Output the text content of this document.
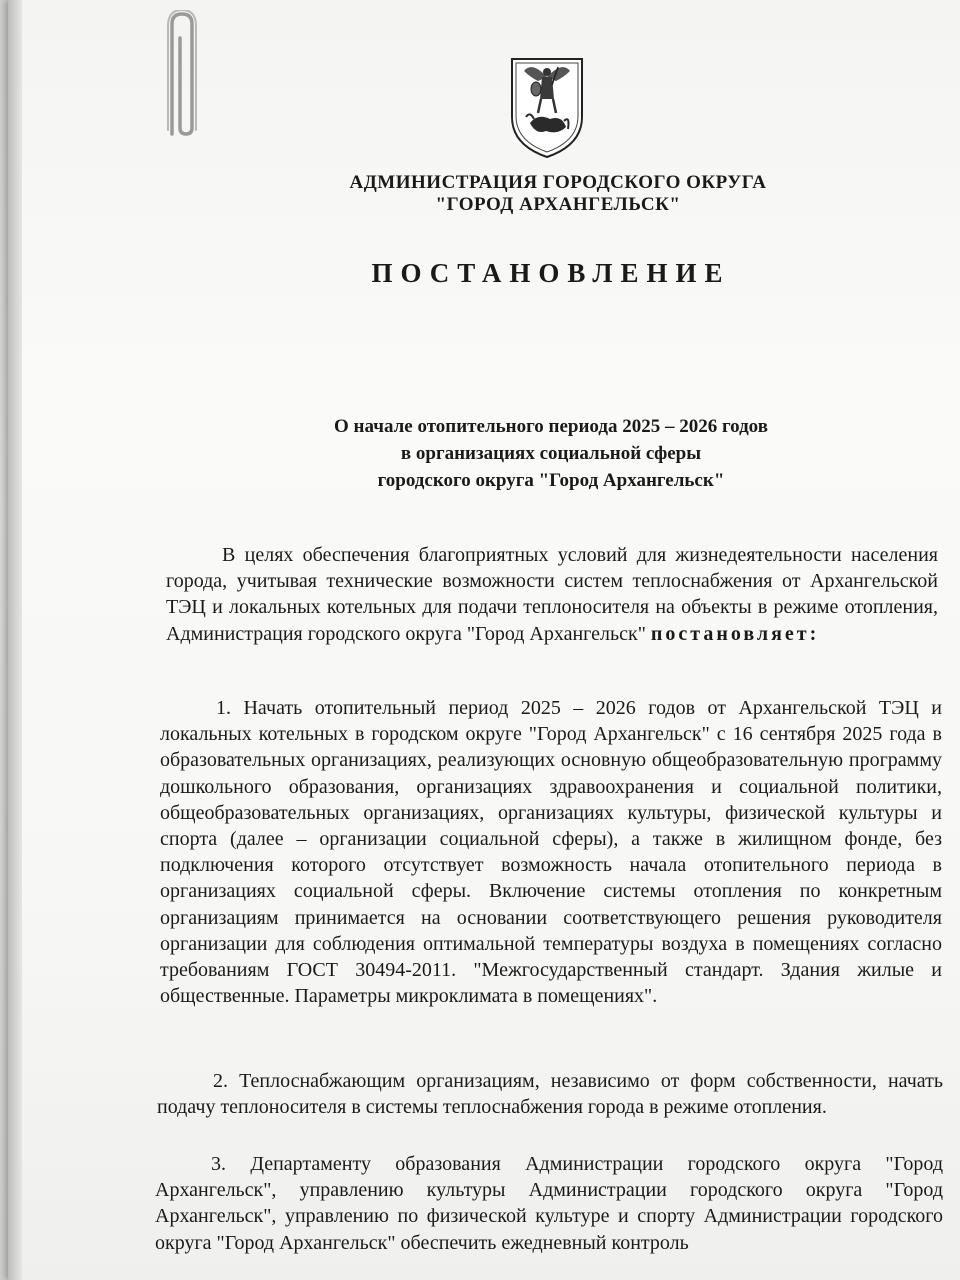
АДМИНИСТРАЦИЯ ГОРОДСКОГО ОКРУГА
"ГОРОД АРХАНГЕЛЬСК"
ПОСТАНОВЛЕНИЕ
О начале отопительного периода 2025 – 2026 годов
в организациях социальной сферы
городского округа "Город Архангельск"
В целях обеспечения благоприятных условий для жизнедеятельности населения города, учитывая технические возможности систем теплоснабжения от Архангельской ТЭЦ и локальных котельных для подачи теплоносителя на объекты в режиме отопления, Администрация городского округа "Город Архангельск" постановляет:
1. Начать отопительный период 2025 – 2026 годов от Архангельской ТЭЦ и локальных котельных в городском округе "Город Архангельск" с 16 сентября 2025 года в образовательных организациях, реализующих основную общеобразовательную программу дошкольного образования, организациях здравоохранения и социальной политики, общеобразовательных организациях, организациях культуры, физической культуры и спорта (далее – организации социальной сферы), а также в жилищном фонде, без подключения которого отсутствует возможность начала отопительного периода в организациях социальной сферы. Включение системы отопления по конкретным организациям принимается на основании соответствующего решения руководителя организации для соблюдения оптимальной температуры воздуха в помещениях согласно требованиям ГОСТ 30494-2011. "Межгосударственный стандарт. Здания жилые и общественные. Параметры микроклимата в помещениях".
2. Теплоснабжающим организациям, независимо от форм собственности, начать подачу теплоносителя в системы теплоснабжения города в режиме отопления.
3. Департаменту образования Администрации городского округа "Город Архангельск", управлению культуры Администрации городского округа "Город Архангельск", управлению по физической культуре и спорту Администрации городского округа "Город Архангельск" обеспечить ежедневный контроль
